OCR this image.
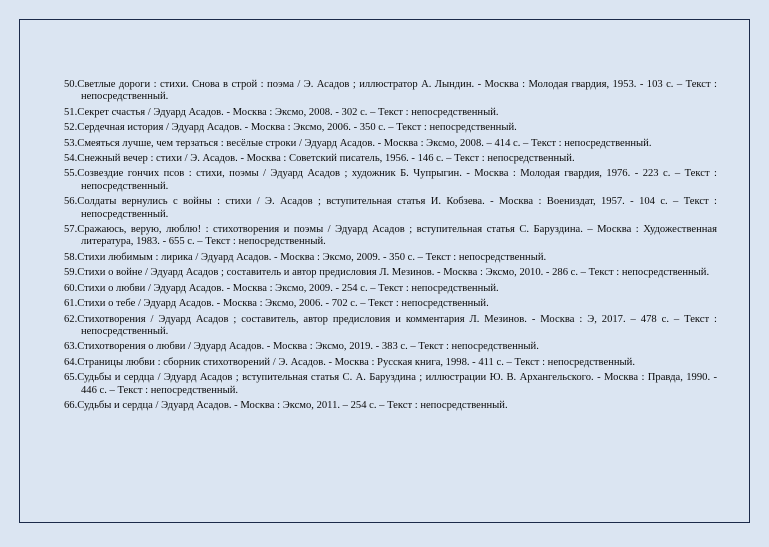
50.Светлые дороги : стихи. Снова в строй : поэма / Э. Асадов ; иллюстратор А. Лындин. - Москва : Молодая гвардия, 1953. - 103 с. – Текст : непосредственный.
51.Секрет счастья / Эдуард Асадов. - Москва : Эксмо, 2008. - 302 с. – Текст : непосредственный.
52.Сердечная история / Эдуард Асадов. - Москва : Эксмо, 2006. - 350 с. – Текст : непосредственный.
53.Смеяться лучше, чем терзаться : весёлые строки / Эдуард Асадов. - Москва : Эксмо, 2008. – 414 с. – Текст : непосредственный.
54.Снежный вечер : стихи / Э. Асадов. - Москва : Советский писатель, 1956. - 146 с. – Текст : непосредственный.
55.Созвездие гончих псов : стихи, поэмы / Эдуард Асадов ; художник Б. Чупрыгин. - Москва : Молодая гвардия, 1976. - 223 с. – Текст : непосредственный.
56.Солдаты вернулись с войны : стихи / Э. Асадов ; вступительная статья И. Кобзева. - Москва : Воениздат, 1957. - 104 с. – Текст : непосредственный.
57.Сражаюсь, верую, люблю! : стихотворения и поэмы / Эдуард Асадов ; вступительная статья С. Баруздина. – Москва : Художественная литература, 1983. - 655 с. – Текст : непосредственный.
58.Стихи любимым : лирика / Эдуард Асадов. - Москва : Эксмо, 2009. - 350 с. – Текст : непосредственный.
59.Стихи о войне / Эдуард Асадов ; составитель и автор предисловия Л. Мезинов. - Москва : Эксмо, 2010. - 286 с. – Текст : непосредственный.
60.Стихи о любви / Эдуард Асадов. - Москва : Эксмо, 2009. - 254 с. – Текст : непосредственный.
61.Стихи о тебе / Эдуард Асадов. - Москва : Эксмо, 2006. - 702 с. – Текст : непосредственный.
62.Стихотворения / Эдуард Асадов ; составитель, автор предисловия и комментария Л. Мезинов. - Москва : Э, 2017. – 478 с. – Текст : непосредственный.
63.Стихотворения о любви / Эдуард Асадов. - Москва : Эксмо, 2019. - 383 с. – Текст : непосредственный.
64.Страницы любви : сборник стихотворений / Э. Асадов. - Москва : Русская книга, 1998. - 411 с. – Текст : непосредственный.
65.Судьбы и сердца / Эдуард Асадов ; вступительная статья С. А. Баруздина ; иллюстрации Ю. В. Архангельского. - Москва : Правда, 1990. - 446 с. – Текст : непосредственный.
66.Судьбы и сердца / Эдуард Асадов. - Москва : Эксмо, 2011. – 254 с. – Текст : непосредственный.
